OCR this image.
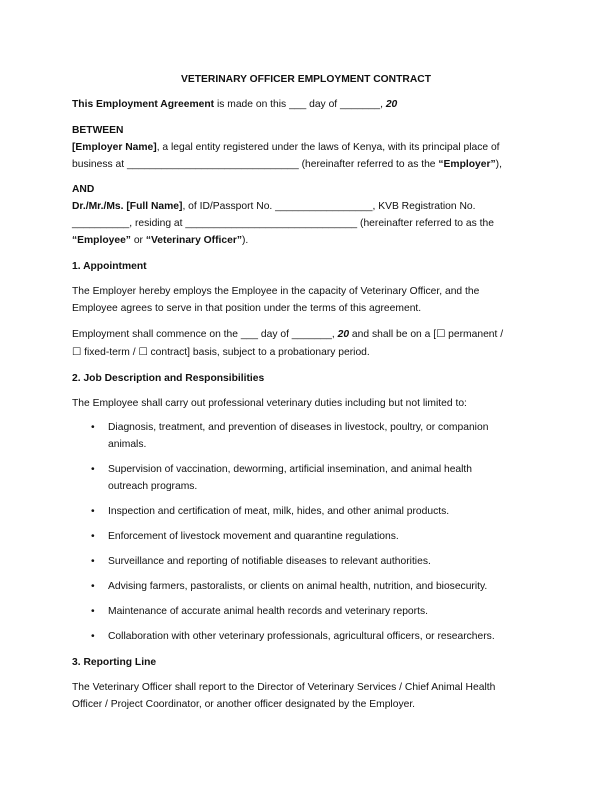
VETERINARY OFFICER EMPLOYMENT CONTRACT
This Employment Agreement is made on this ___ day of _______, 20
BETWEEN
[Employer Name], a legal entity registered under the laws of Kenya, with its principal place of
business at ______________________________ (hereinafter referred to as the “Employer”),
AND
Dr./Mr./Ms. [Full Name], of ID/Passport No. _________________, KVB Registration No.
__________, residing at ______________________________ (hereinafter referred to as the
“Employee” or “Veterinary Officer”).
1. Appointment
The Employer hereby employs the Employee in the capacity of Veterinary Officer, and the
Employee agrees to serve in that position under the terms of this agreement.
Employment shall commence on the ___ day of _______, 20 and shall be on a [☐ permanent /
☐ fixed-term / ☐ contract] basis, subject to a probationary period.
2. Job Description and Responsibilities
The Employee shall carry out professional veterinary duties including but not limited to:
•	Diagnosis, treatment, and prevention of diseases in livestock, poultry, or companion
animals.
•	Supervision of vaccination, deworming, artificial insemination, and animal health
outreach programs.
•	Inspection and certification of meat, milk, hides, and other animal products.
•	Enforcement of livestock movement and quarantine regulations.
•	Surveillance and reporting of notifiable diseases to relevant authorities.
•	Advising farmers, pastoralists, or clients on animal health, nutrition, and biosecurity.
•	Maintenance of accurate animal health records and veterinary reports.
•	Collaboration with other veterinary professionals, agricultural officers, or researchers.
3. Reporting Line
The Veterinary Officer shall report to the Director of Veterinary Services / Chief Animal Health
Officer / Project Coordinator, or another officer designated by the Employer.
